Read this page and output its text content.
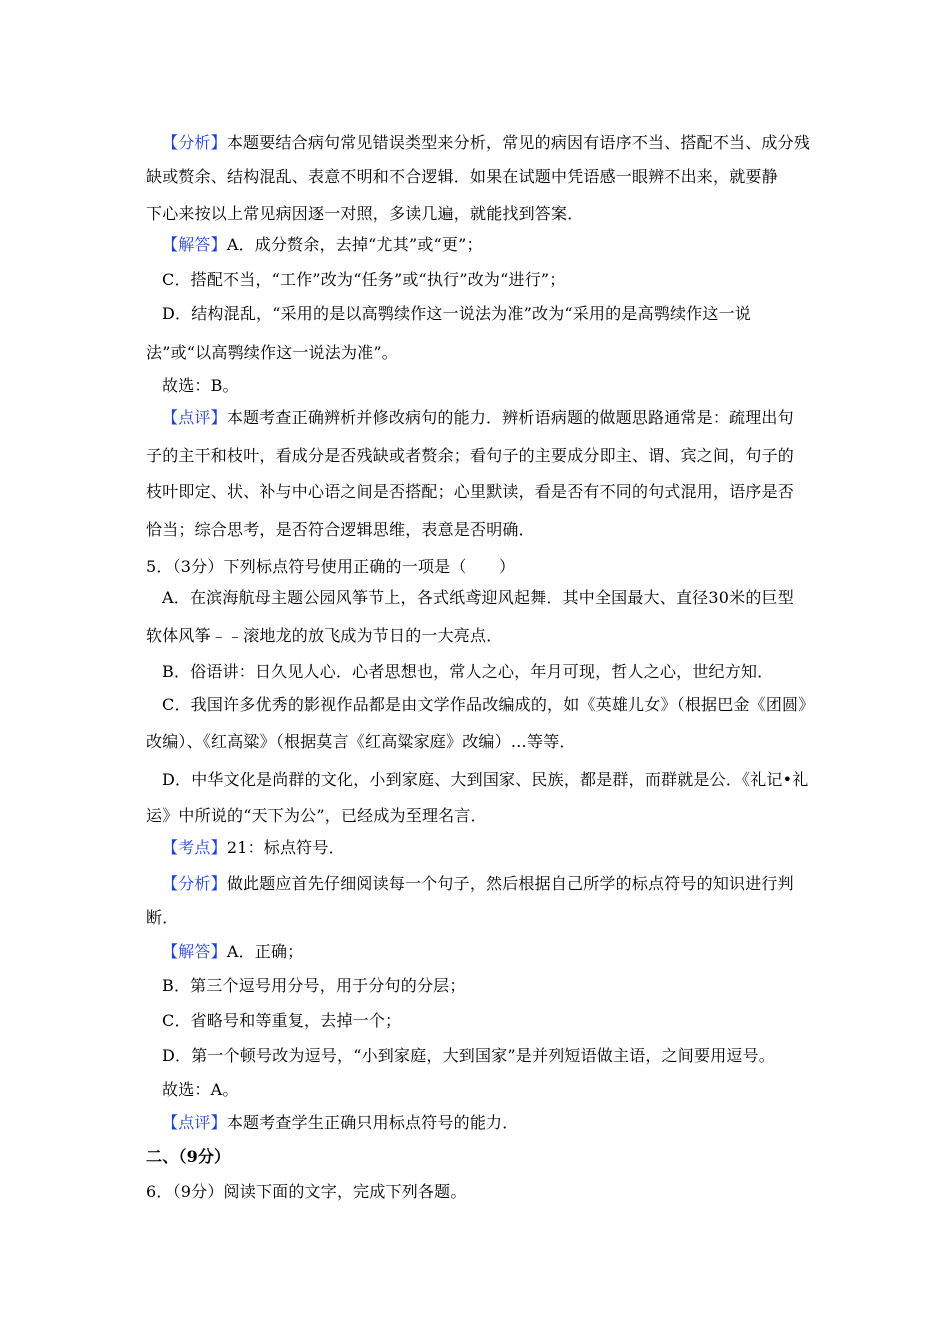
【分析】本题要结合病句常见错误类型来分析，常见的病因有语序不当、搭配不当、成分残
缺或赘余、结构混乱、表意不明和不合逻辑．如果在试题中凭语感一眼辨不出来，就要静
下心来按以上常见病因逐一对照，多读几遍，就能找到答案．
【解答】A．成分赘余，去掉“尤其”或“更”；
C．搭配不当，“工作”改为“任务”或“执行”改为“进行”；
D．结构混乱，“采用的是以高鹗续作这一说法为准”改为“采用的是高鹗续作这一说
法”或“以高鹗续作这一说法为准”。
故选：B。
【点评】本题考查正确辨析并修改病句的能力．辨析语病题的做题思路通常是：疏理出句
子的主干和枝叶，看成分是否残缺或者赘余；看句子的主要成分即主、谓、宾之间，句子的
枝叶即定、状、补与中心语之间是否搭配；心里默读，看是否有不同的句式混用，语序是否
恰当；综合思考，是否符合逻辑思维，表意是否明确．
5．（3分）下列标点符号使用正确的一项是（　　）
A．在滨海航母主题公园风筝节上，各式纸鸢迎风起舞．其中全国最大、直径30米的巨型
软体风筝﹣﹣滚地龙的放飞成为节日的一大亮点．
B．俗语讲：日久见人心．心者思想也，常人之心，年月可现，哲人之心，世纪方知．
C．我国许多优秀的影视作品都是由文学作品改编成的，如《英雄儿女》（根据巴金《团圆》
改编）、《红高粱》（根据莫言《红高粱家庭》改编）…等等．
D．中华文化是尚群的文化，小到家庭、大到国家、民族，都是群，而群就是公．《礼记•礼
运》中所说的“天下为公”，已经成为至理名言．
【考点】21：标点符号．
【分析】做此题应首先仔细阅读每一个句子，然后根据自己所学的标点符号的知识进行判
断．
【解答】A．正确；
B．第三个逗号用分号，用于分句的分层；
C．省略号和等重复，去掉一个；
D．第一个顿号改为逗号，“小到家庭，大到国家”是并列短语做主语，之间要用逗号。
故选：A。
【点评】本题考查学生正确只用标点符号的能力．
二、（9分）
6．（9分）阅读下面的文字，完成下列各题。
